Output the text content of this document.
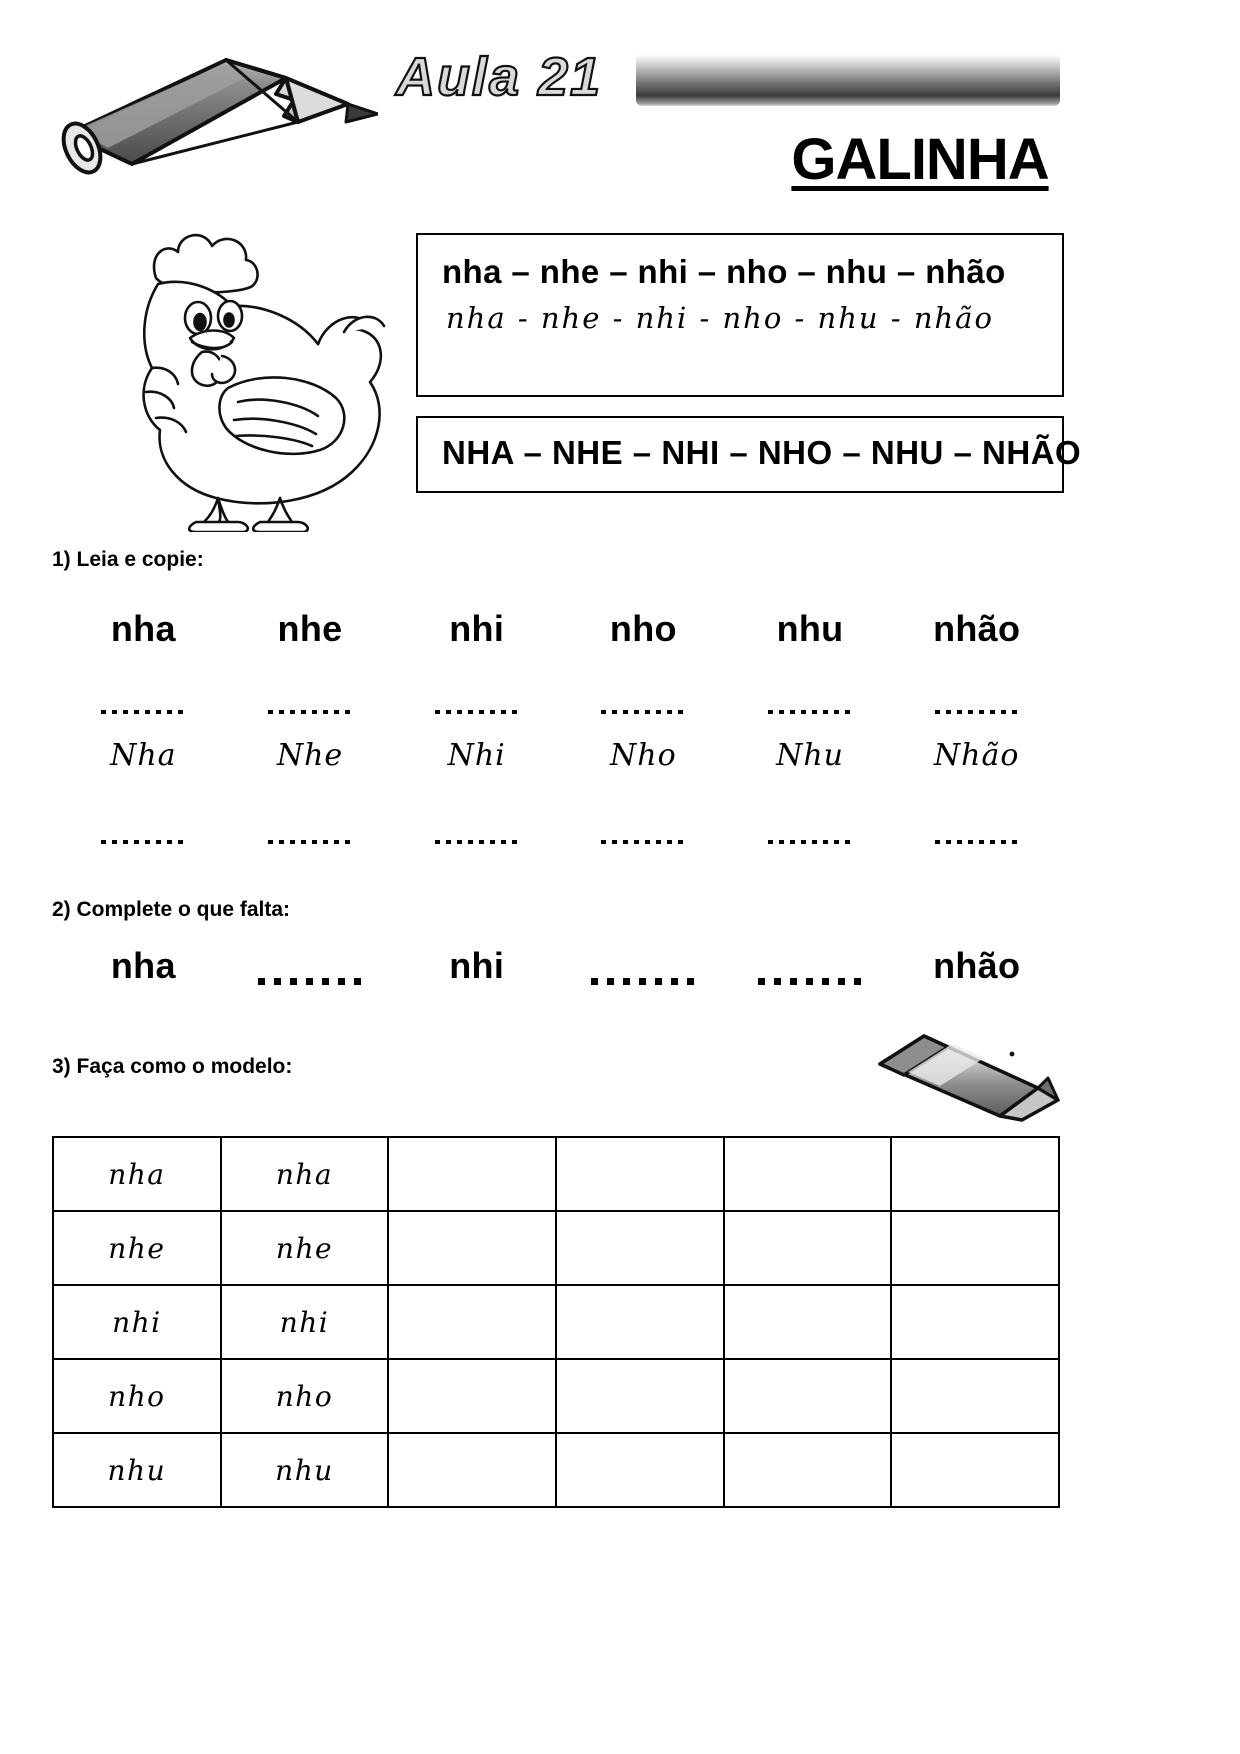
Aula 21
GALINHA
nha – nhe – nhi – nho – nhu – nhão
nha - nhe - nhi - nho - nhu - nhão
NHA – NHE – NHI – NHO – NHU – NHÃO
1) Leia e copie:
nha	nhe	nhi	nho	nhu	nhão
Nha	Nhe	Nhi	Nho	Nhu	Nhão
2) Complete o que falta:
nha	nhi	nhão
3) Faça como o modelo:
nha	nha				
nhe	nhe				
nhi	nhi				
nho	nho				
nhu	nhu				
